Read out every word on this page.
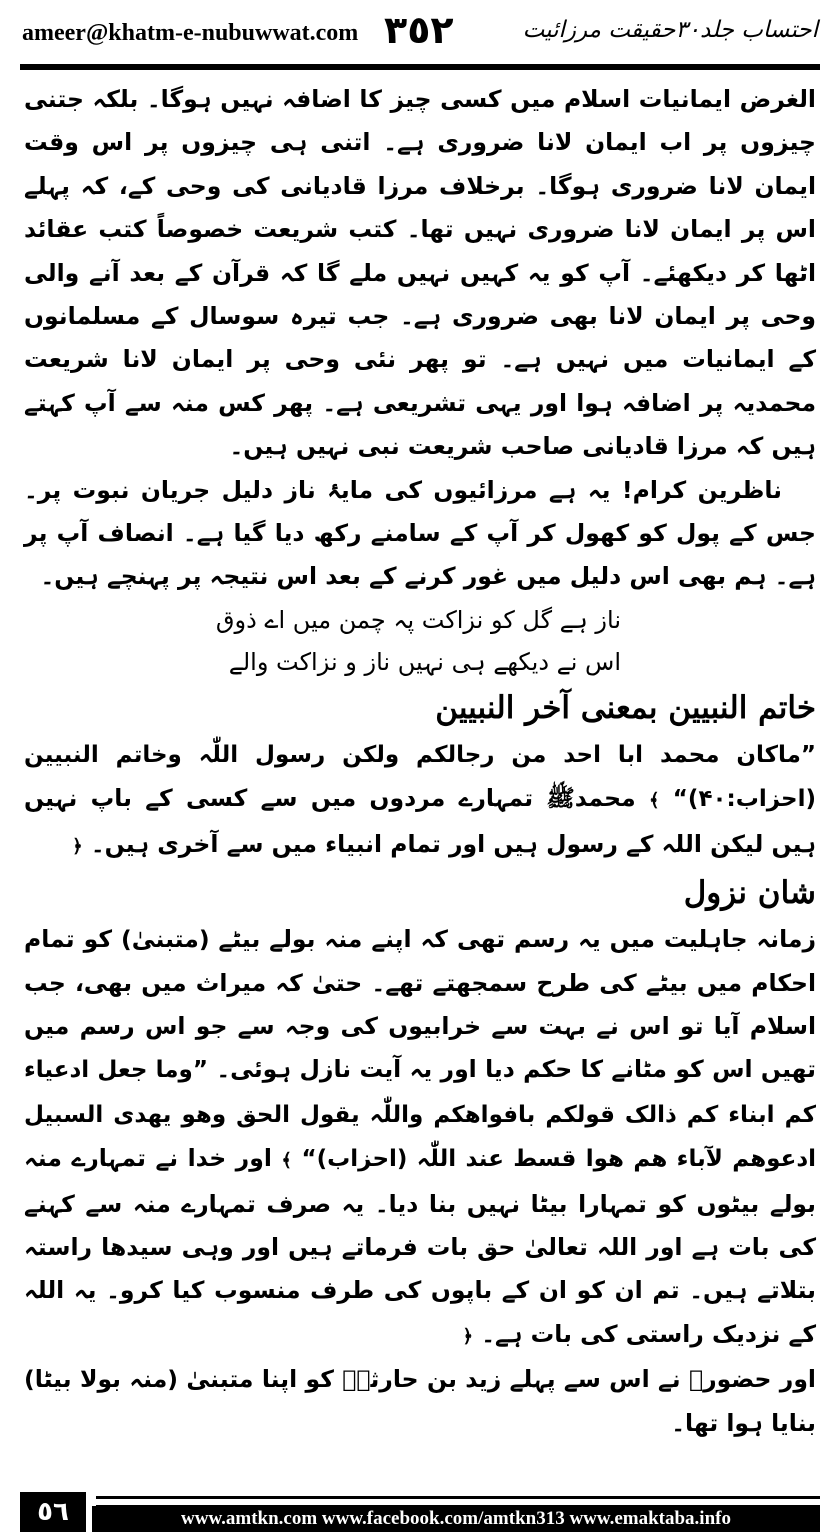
ameer@khatm-e-nubuwwat.com ٣٥٢	احتساب جلد۳۰حقیقت مرزائیت

الغرض ایمانیات اسلام میں کسی چیز کا اضافہ نہیں ہوگا۔ بلکہ جتنی چیزوں پر اب ایمان لانا ضروری ہے۔ اتنی ہی چیزوں پر اس وقت ایمان لانا ضروری ہوگا۔ برخلاف مرزا قادیانی کی وحی کے، کہ پہلے اس پر ایمان لانا ضروری نہیں تھا۔ کتب شریعت خصوصاً کتب عقائد اٹھا کر دیکھئے۔ آپ کو یہ کہیں نہیں ملے گا کہ قرآن کے بعد آنے والی وحی پر ایمان لانا بھی ضروری ہے۔ جب تیرہ سوسال کے مسلمانوں کے ایمانیات میں نہیں ہے۔ تو پھر نئی وحی پر ایمان لانا شریعت محمدیہ پر اضافہ ہوا اور یہی تشریعی ہے۔ پھر کس منہ سے آپ کہتے ہیں کہ مرزا قادیانی صاحب شریعت نبی نہیں ہیں۔

ناظرین کرام! یہ ہے مرزائیوں کی مایۂ ناز دلیل جریان نبوت پر۔ جس کے پول کو کھول کر آپ کے سامنے رکھ دیا گیا ہے۔ انصاف آپ پر ہے۔ ہم بھی اس دلیل میں غور کرنے کے بعد اس نتیجہ پر پہنچے ہیں۔

ناز ہے گل کو نزاکت پہ چمن میں اے ذوق

اس نے دیکھے ہی نہیں ناز و نزاکت والے

خاتم النبیین بمعنی آخر النبیین

”ماکان محمد ابا احد من رجالکم ولکن رسول اللّٰہ وخاتم النبیین (احزاب:۴۰)“ ﴾ محمدﷺ تمہارے مردوں میں سے کسی کے باپ نہیں ہیں لیکن اللہ کے رسول ہیں اور تمام انبیاء میں سے آخری ہیں۔ ﴿

شان نزول

زمانہ جاہلیت میں یہ رسم تھی کہ اپنے منہ بولے بیٹے (متبنیٰ) کو تمام احکام میں بیٹے کی طرح سمجھتے تھے۔ حتیٰ کہ میراث میں بھی، جب اسلام آیا تو اس نے بہت سے خرابیوں کی وجہ سے جو اس رسم میں تھیں اس کو مٹانے کا حکم دیا اور یہ آیت نازل ہوئی۔ ”وما جعل ادعیاء کم ابناء کم ذالک قولکم بافواھکم واللّٰہ یقول الحق وھو یھدی السبیل ادعوھم لآباء ھم ھوا قسط عند اللّٰہ (احزاب)“ ﴾ اور خدا نے تمہارے منہ بولے بیٹوں کو تمہارا بیٹا نہیں بنا دیا۔ یہ صرف تمہارے منہ سے کہنے کی بات ہے اور اللہ تعالیٰ حق بات فرماتے ہیں اور وہی سیدھا راستہ بتلاتے ہیں۔ تم ان کو ان کے باپوں کی طرف منسوب کیا کرو۔ یہ اللہ کے نزدیک راستی کی بات ہے۔ ﴿

اور حضورﷺ نے اس سے پہلے زید بن حارثہؓ کو اپنا متبنیٰ (منہ بولا بیٹا) بنایا ہوا تھا۔

٥٦	www.amtkn.com www.facebook.com/amtkn313 www.emaktaba.info
